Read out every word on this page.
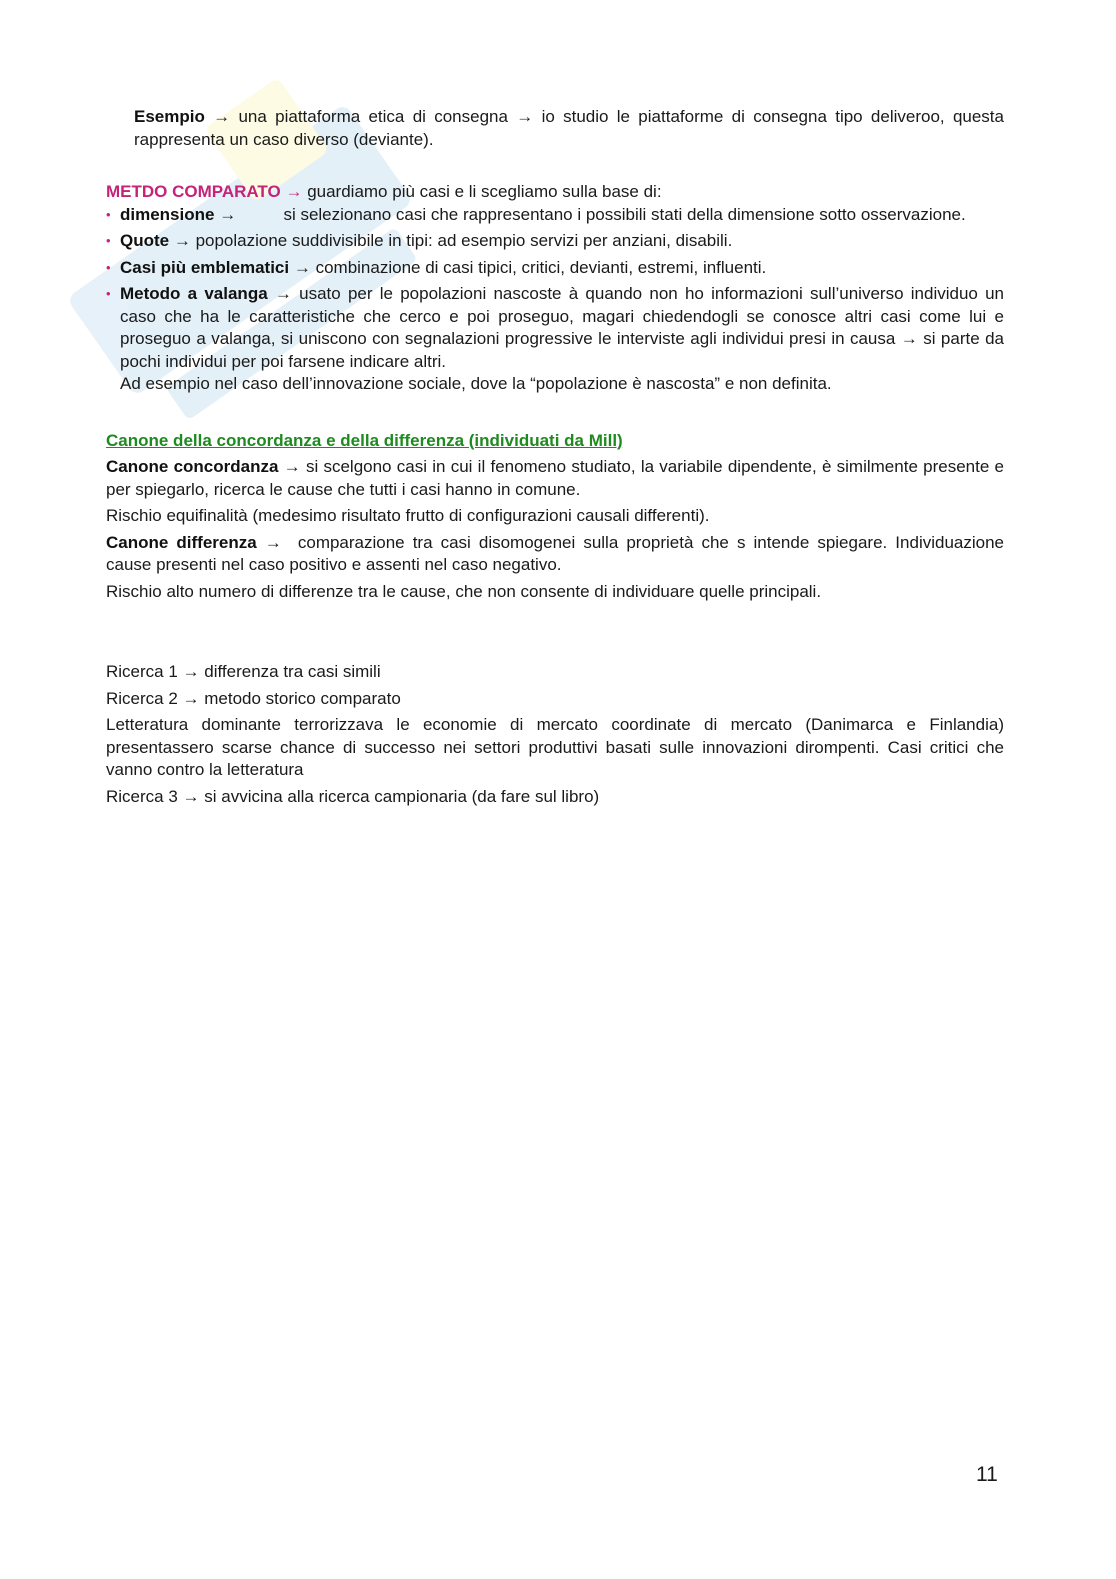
Esempio → una piattaforma etica di consegna → io studio le piattaforme di consegna tipo deliveroo, questa rappresenta un caso diverso (deviante).

METDO COMPARATO → guardiamo più casi e li scegliamo sulla base di:

• dimensione →          si selezionano casi che rappresentano i possibili stati della dimensione sotto osservazione.
• Quote → popolazione suddivisibile in tipi: ad esempio servizi per anziani, disabili.
• Casi più emblematici → combinazione di casi tipici, critici, devianti, estremi, influenti.
• Metodo a valanga → usato per le popolazioni nascoste à quando non ho informazioni sull’universo individuo un caso che ha le caratteristiche che cerco e poi proseguo, magari chiedendogli se conosce altri casi come lui e proseguo a valanga, si uniscono con segnalazioni progressive le interviste agli individui presi in causa → si parte da pochi individui per poi farsene indicare altri.
Ad esempio nel caso dell’innovazione sociale, dove la “popolazione è nascosta” e non definita.

Canone della concordanza e della differenza (individuati da Mill)

Canone concordanza → si scelgono casi in cui il fenomeno studiato, la variabile dipendente, è similmente presente e per spiegarlo, ricerca le cause che tutti i casi hanno in comune.

Rischio equifinalità (medesimo risultato frutto di configurazioni causali differenti).

Canone differenza →  comparazione tra casi disomogenei sulla proprietà che s intende spiegare. Individuazione cause presenti nel caso positivo e assenti nel caso negativo.

Rischio alto numero di differenze tra le cause, che non consente di individuare quelle principali.

Ricerca 1 → differenza tra casi simili

Ricerca 2 → metodo storico comparato

Letteratura dominante terrorizzava le economie di mercato coordinate di mercato (Danimarca e Finlandia) presentassero scarse chance di successo nei settori produttivi basati sulle innovazioni dirompenti. Casi critici che vanno contro la letteratura

Ricerca 3 → si avvicina alla ricerca campionaria (da fare sul libro)

11
